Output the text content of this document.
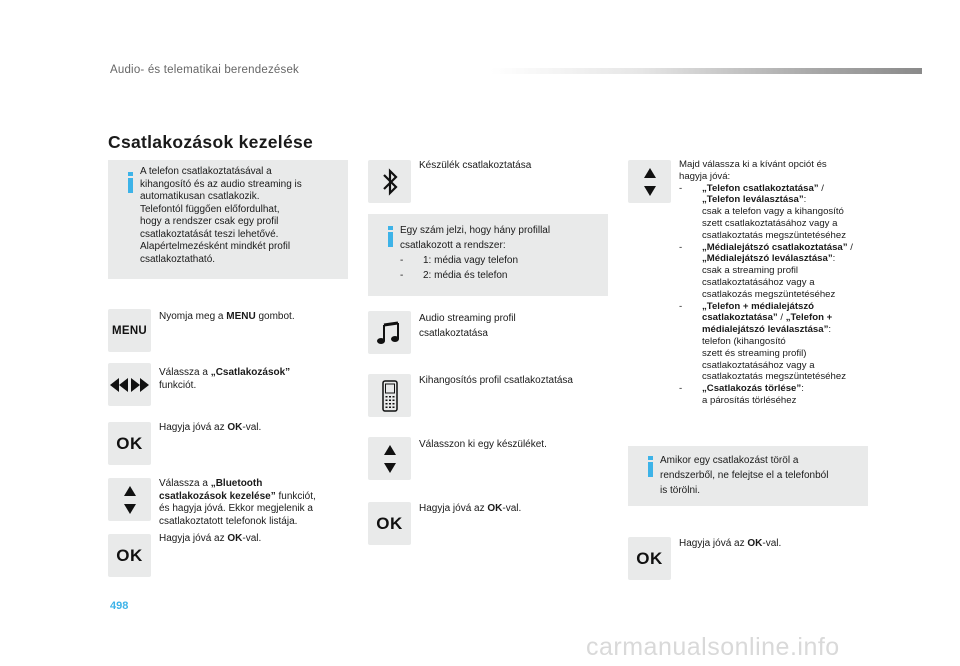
Audio- és telematikai berendezések
Csatlakozások kezelése
A telefon csatlakoztatásával a
kihangosító és az audio streaming is
automatikusan csatlakozik.
Telefontól függően előfordulhat,
hogy a rendszer csak egy profil
csatlakoztatását teszi lehetővé.
Alapértelmezésként mindkét profil
csatlakoztatható.
MENU
Nyomja meg a MENU gombot.
Válassza a „Csatlakozások”
funkciót.
OK
Hagyja jóvá az OK-val.
Válassza a „Bluetooth
csatlakozások kezelése” funkciót,
és hagyja jóvá. Ekkor megjelenik a
csatlakoztatott telefonok listája.
OK
Hagyja jóvá az OK-val.
Készülék csatlakoztatása
Egy szám jelzi, hogy hány profillal
csatlakozott a rendszer:
- 1: média vagy telefon
- 2: média és telefon
Audio streaming profil
csatlakoztatása
Kihangosítós profil csatlakoztatása
Válasszon ki egy készüléket.
OK
Hagyja jóvá az OK-val.
Majd válassza ki a kívánt opciót és
hagyja jóvá:
- „Telefon csatlakoztatása” /
„Telefon leválasztása”:
csak a telefon vagy a kihangosító
szett csatlakoztatásához vagy a
csatlakoztatás megszüntetéséhez
- „Médialejátszó csatlakoztatása” /
„Médialejátszó leválasztása”:
csak a streaming profil
csatlakoztatásához vagy a
csatlakozás megszüntetéséhez
- „Telefon + médialejátszó
csatlakoztatása” / „Telefon +
médialejátszó leválasztása”:
telefon (kihangosító
szett és streaming profil)
csatlakoztatásához vagy a
csatlakoztatás megszüntetéséhez
- „Csatlakozás törlése”:
a párosítás törléséhez
Amikor egy csatlakozást töröl a
rendszerből, ne felejtse el a telefonból
is törölni.
OK
Hagyja jóvá az OK-val.
498
carmanualsonline.info
